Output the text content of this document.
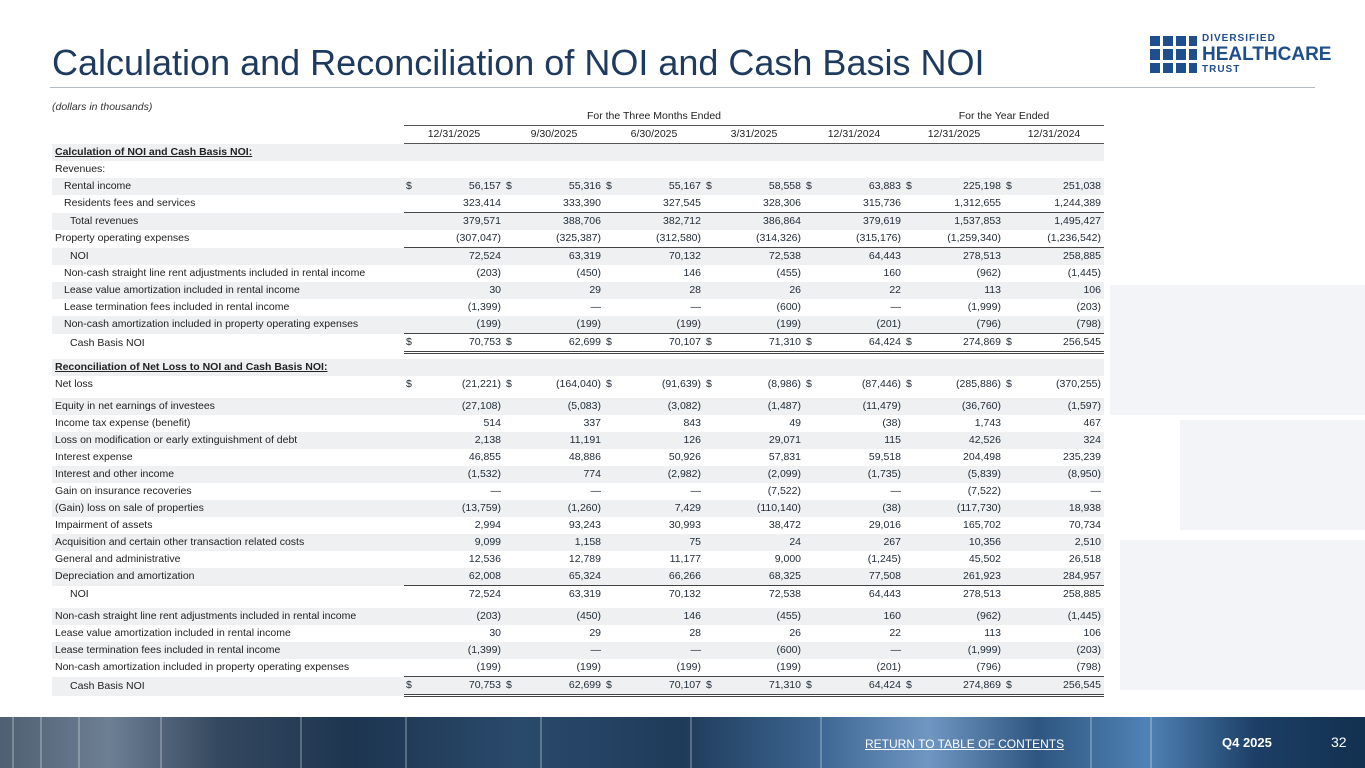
Calculation and Reconciliation of NOI and Cash Basis NOI
DIVERSIFIED
HEALTHCARE
TRUST
(dollars in thousands)
	For the Three Months Ended										For the Year Ended			
	12/31/2025		9/30/2025		6/30/2025		3/31/2025		12/31/2024		12/31/2025		12/31/2024	
Calculation of NOI and Cash Basis NOI:														
Revenues:														
Rental income	$	56,157	$	55,316	$	55,167	$	58,558	$	63,883	$	225,198	$	251,038
Residents fees and services		323,414		333,390		327,545		328,306		315,736		1,312,655		1,244,389
Total revenues		379,571		388,706		382,712		386,864		379,619		1,537,853		1,495,427
Property operating expenses		(307,047)		(325,387)		(312,580)		(314,326)		(315,176)		(1,259,340)		(1,236,542)
NOI		72,524		63,319		70,132		72,538		64,443		278,513		258,885
Non-cash straight line rent adjustments included in rental income		(203)		(450)		146		(455)		160		(962)		(1,445)
Lease value amortization included in rental income		30		29		28		26		22		113		106
Lease termination fees included in rental income		(1,399)		—		—		(600)		—		(1,999)		(203)
Non-cash amortization included in property operating expenses		(199)		(199)		(199)		(199)		(201)		(796)		(798)
Cash Basis NOI	$	70,753	$	62,699	$	70,107	$	71,310	$	64,424	$	274,869	$	256,545

Reconciliation of Net Loss to NOI and Cash Basis NOI:														
Net loss	$	(21,221)	$	(164,040)	$	(91,639)	$	(8,986)	$	(87,446)	$	(285,886)	$	(370,255)

Equity in net earnings of investees		(27,108)		(5,083)		(3,082)		(1,487)		(11,479)		(36,760)		(1,597)
Income tax expense (benefit)		514		337		843		49		(38)		1,743		467
Loss on modification or early extinguishment of debt		2,138		11,191		126		29,071		115		42,526		324
Interest expense		46,855		48,886		50,926		57,831		59,518		204,498		235,239
Interest and other income		(1,532)		774		(2,982)		(2,099)		(1,735)		(5,839)		(8,950)
Gain on insurance recoveries		—		—		—		(7,522)		—		(7,522)		—
(Gain) loss on sale of properties		(13,759)		(1,260)		7,429		(110,140)		(38)		(117,730)		18,938
Impairment of assets		2,994		93,243		30,993		38,472		29,016		165,702		70,734
Acquisition and certain other transaction related costs		9,099		1,158		75		24		267		10,356		2,510
General and administrative		12,536		12,789		11,177		9,000		(1,245)		45,502		26,518
Depreciation and amortization		62,008		65,324		66,266		68,325		77,508		261,923		284,957
NOI		72,524		63,319		70,132		72,538		64,443		278,513		258,885

Non-cash straight line rent adjustments included in rental income		(203)		(450)		146		(455)		160		(962)		(1,445)
Lease value amortization included in rental income		30		29		28		26		22		113		106
Lease termination fees included in rental income		(1,399)		—		—		(600)		—		(1,999)		(203)
Non-cash amortization included in property operating expenses		(199)		(199)		(199)		(199)		(201)		(796)		(798)
Cash Basis NOI	$	70,753	$	62,699	$	70,107	$	71,310	$	64,424	$	274,869	$	256,545
RETURN TO TABLE OF CONTENTS	Q4 2025	32
